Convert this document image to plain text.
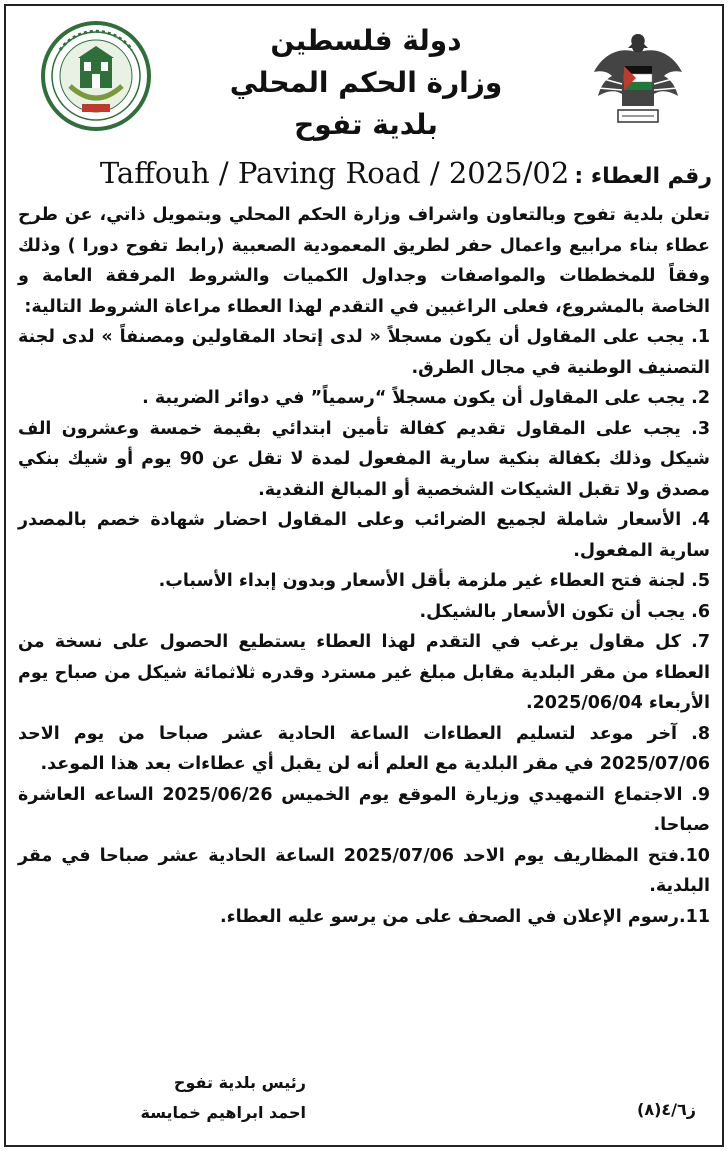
دولة فلسطين
وزارة الحكم المحلي
بلدية تفوح
رقم العطاء : Taffouh / Paving Road / 2025/02

تعلن بلدية تفوح وبالتعاون واشراف وزارة الحكم المحلي وبتمويل ذاتي، عن طرح عطاء بناء مرابيع واعمال حفر لطريق المعمودية الصعبية (رابط تفوح دورا ) وذلك وفقاً للمخططات والمواصفات وجداول الكميات والشروط المرفقة العامة و الخاصة بالمشروع، فعلى الراغبين في التقدم لهذا العطاء مراعاة الشروط التالية:

1. يجب على المقاول أن يكون مسجلاً « لدى إتحاد المقاولين ومصنفاً » لدى لجنة التصنيف الوطنية في مجال الطرق.

2. يجب على المقاول أن يكون مسجلاً “رسمياً” في دوائر الضريبة .

3. يجب على المقاول تقديم كفالة تأمين ابتدائي بقيمة خمسة وعشرون الف شيكل وذلك بكفالة بنكية سارية المفعول لمدة لا تقل عن 90 يوم أو شيك بنكي مصدق ولا تقبل الشيكات الشخصية أو المبالغ النقدية.

4. الأسعار شاملة لجميع الضرائب وعلى المقاول احضار شهادة خصم بالمصدر سارية المفعول.

5. لجنة فتح العطاء غير ملزمة بأقل الأسعار وبدون إبداء الأسباب.

6. يجب أن تكون الأسعار بالشيكل.

7. كل مقاول يرغب في التقدم لهذا العطاء يستطيع الحصول على نسخة من العطاء من مقر البلدية مقابل مبلغ غير مسترد وقدره ثلاثمائة شيكل من صباح يوم الأربعاء 2025/06/04.

8. آخر موعد لتسليم العطاءات الساعة الحادية عشر صباحا من يوم الاحد 2025/07/06 في مقر البلدية مع العلم أنه لن يقبل أي عطاءات بعد هذا الموعد.

9. الاجتماع التمهيدي وزيارة الموقع يوم الخميس 2025/06/26 الساعه العاشرة صباحا.

10.فتح المظاريف يوم الاحد 2025/07/06 الساعة الحادية عشر صباحا في مقر البلدية.

11.رسوم الإعلان في الصحف على من يرسو عليه العطاء.

رئيس بلدية تفوح
احمد ابراهيم خمايسة	ز٤/٦(٨)
